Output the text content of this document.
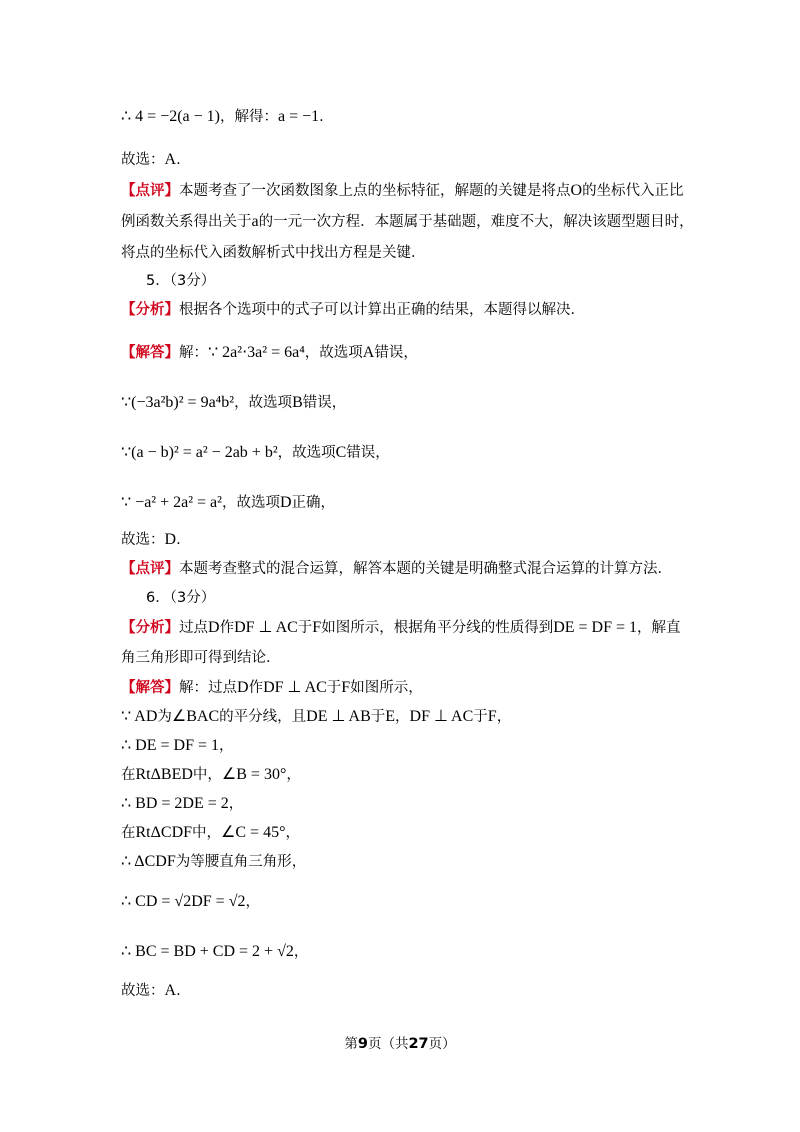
∴ 4 = −2(a − 1)，解得：a = −1.
故选：A.
【点评】本题考查了一次函数图象上点的坐标特征，解题的关键是将点O的坐标代入正比
例函数关系得出关于a的一元一次方程．本题属于基础题，难度不大，解决该题型题目时，
将点的坐标代入函数解析式中找出方程是关键．
5．（3分）
【分析】根据各个选项中的式子可以计算出正确的结果，本题得以解决．
【解答】解：∵ 2a²⋅3a² = 6a⁴，故选项A错误，
∵(−3a²b)² = 9a⁴b²，故选项B错误，
∵(a − b)² = a² − 2ab + b²，故选项C错误，
∵ −a² + 2a² = a²，故选项D正确，
故选：D.
【点评】本题考查整式的混合运算，解答本题的关键是明确整式混合运算的计算方法．
6．（3分）
【分析】过点D作DF ⊥ AC于F如图所示，根据角平分线的性质得到DE = DF = 1，解直
角三角形即可得到结论．
【解答】解：过点D作DF ⊥ AC于F如图所示，
∵ AD为∠BAC的平分线，且DE ⊥ AB于E，DF ⊥ AC于F，
∴ DE = DF = 1，
在RtΔBED中，∠B = 30°，
∴ BD = 2DE = 2，
在RtΔCDF中，∠C = 45°，
∴ ΔCDF为等腰直角三角形，
∴ CD = √2DF = √2，
∴ BC = BD + CD = 2 + √2，
故选：A.
第9页（共27页）
